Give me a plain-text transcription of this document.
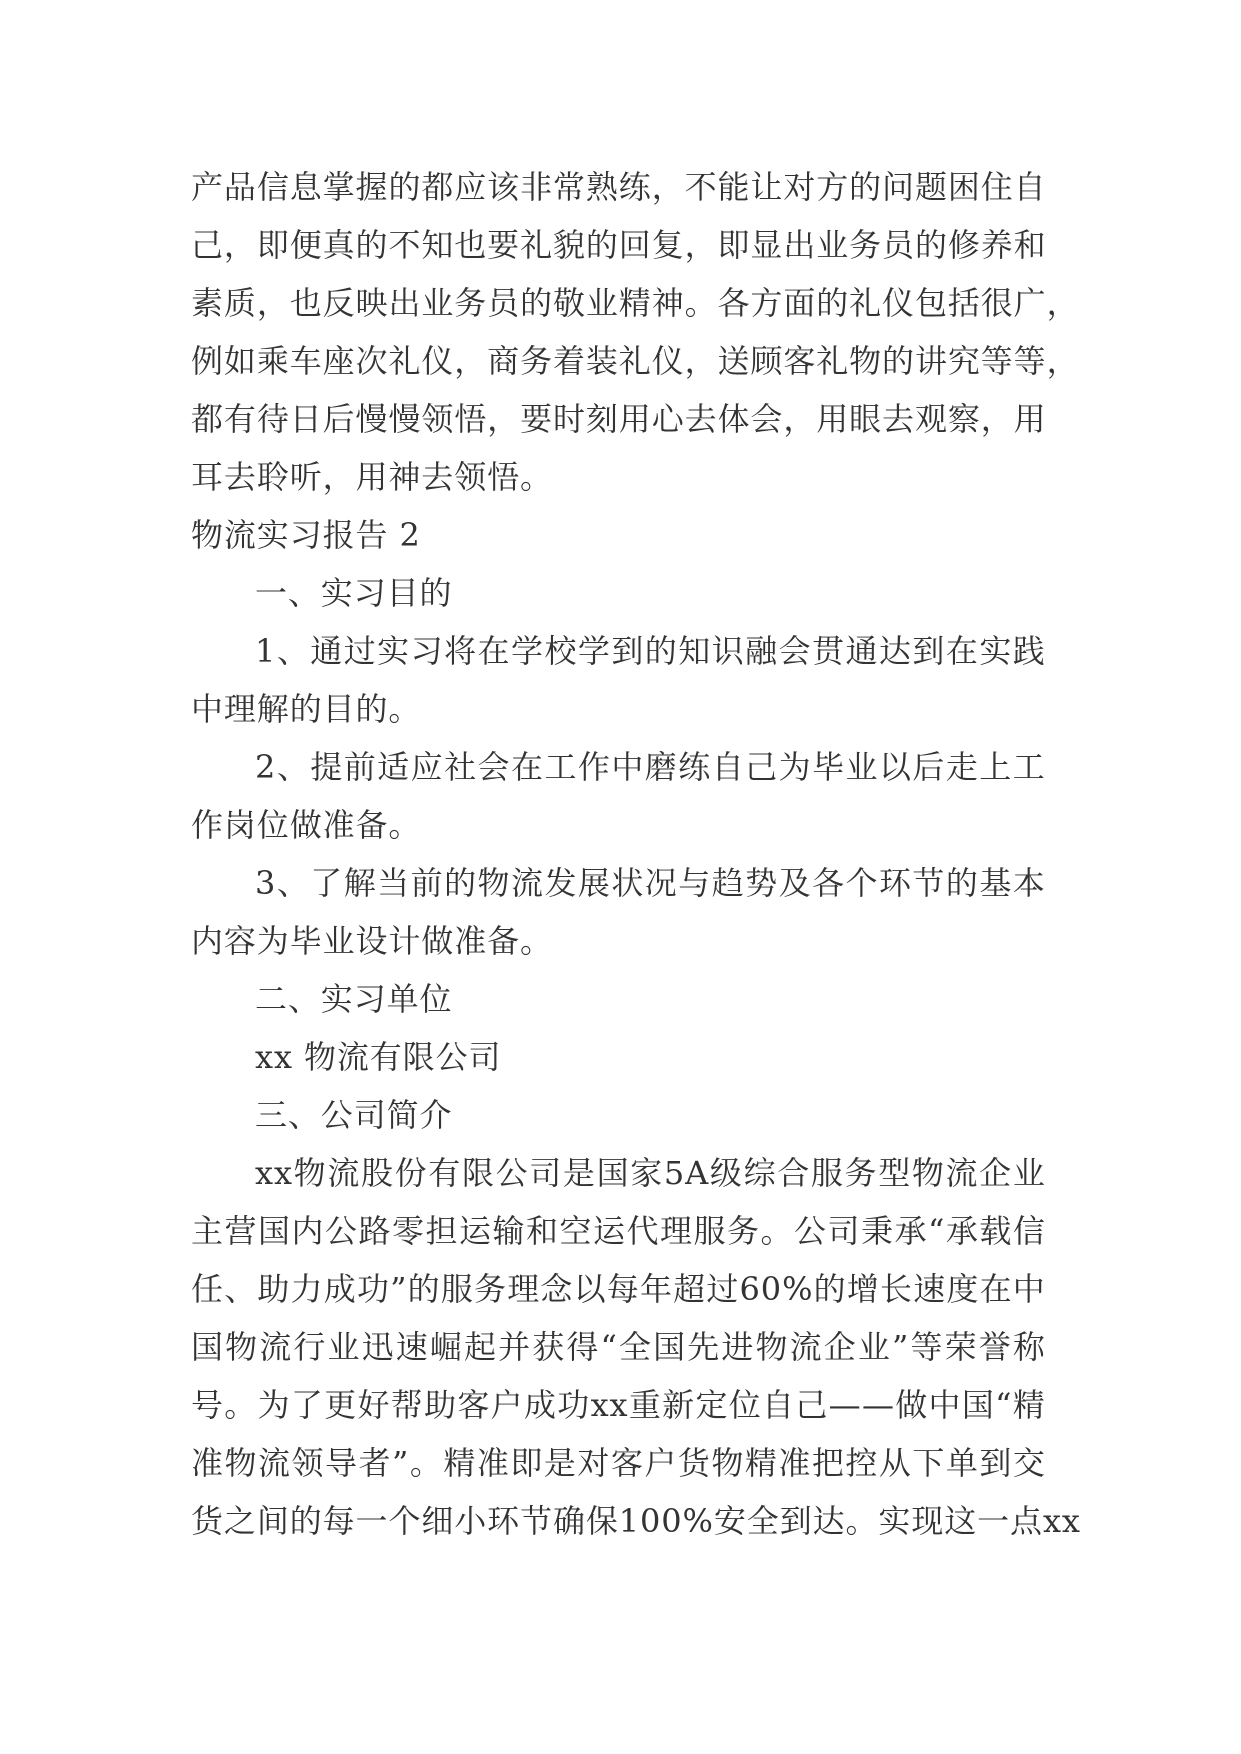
产 品 信 息 掌 握 的 都 应 该 非 常 熟 练 ， 不 能 让 对 方 的 问 题 困 住 自
己 ， 即 便 真 的 不 知 也 要 礼 貌 的 回 复 ， 即 显 出 业 务 员 的 修 养 和
素 质 ， 也 反 映 出 业 务 员 的 敬 业 精 神 。 各 方 面 的 礼 仪 包 括 很 广 ，
例 如 乘 车 座 次 礼 仪 ， 商 务 着 装 礼 仪 ， 送 顾 客 礼 物 的 讲 究 等 等 ，
都 有 待 日 后 慢 慢 领 悟 ， 要 时 刻 用 心 去 体 会 ， 用 眼 去 观 察 ， 用
耳去聆听，用神去领悟。
物流实习报告 2
一、实习目的
1 、 通 过 实 习 将 在 学 校 学 到 的 知 识 融 会 贯 通 达 到 在 实 践
中理解的目的。
2 、 提 前 适 应 社 会 在 工 作 中 磨 练 自 己 为 毕 业 以 后 走 上 工
作岗位做准备。
3 、 了 解 当 前 的 物 流 发 展 状 况 与 趋 势 及 各 个 环 节 的 基 本
内容为毕业设计做准备。
二、实习单位
xx 物流有限公司
三、公司简介
xx 物 流 股 份 有 限 公 司 是 国 家 5A 级 综 合 服 务 型 物 流 企 业
主 营 国 内 公 路 零 担 运 输 和 空 运 代 理 服 务 。 公 司 秉 承 “ 承 载 信
任 、 助 力 成 功 ” 的 服 务 理 念 以 每 年 超 过 60% 的 增 长 速 度 在 中
国 物 流 行 业 迅 速 崛 起 并 获 得 “ 全 国 先 进 物 流 企 业 ” 等 荣 誉 称
号 。 为 了 更 好 帮 助 客 户 成 功 xx 重 新 定 位 自 己 — — 做 中 国 “ 精
准 物 流 领 导 者 ” 。 精 准 即 是 对 客 户 货 物 精 准 把 控 从 下 单 到 交
货 之 间 的 每 一 个 细 小 环 节 确 保 100% 安 全 到 达 。 实 现 这 一 点 xx
